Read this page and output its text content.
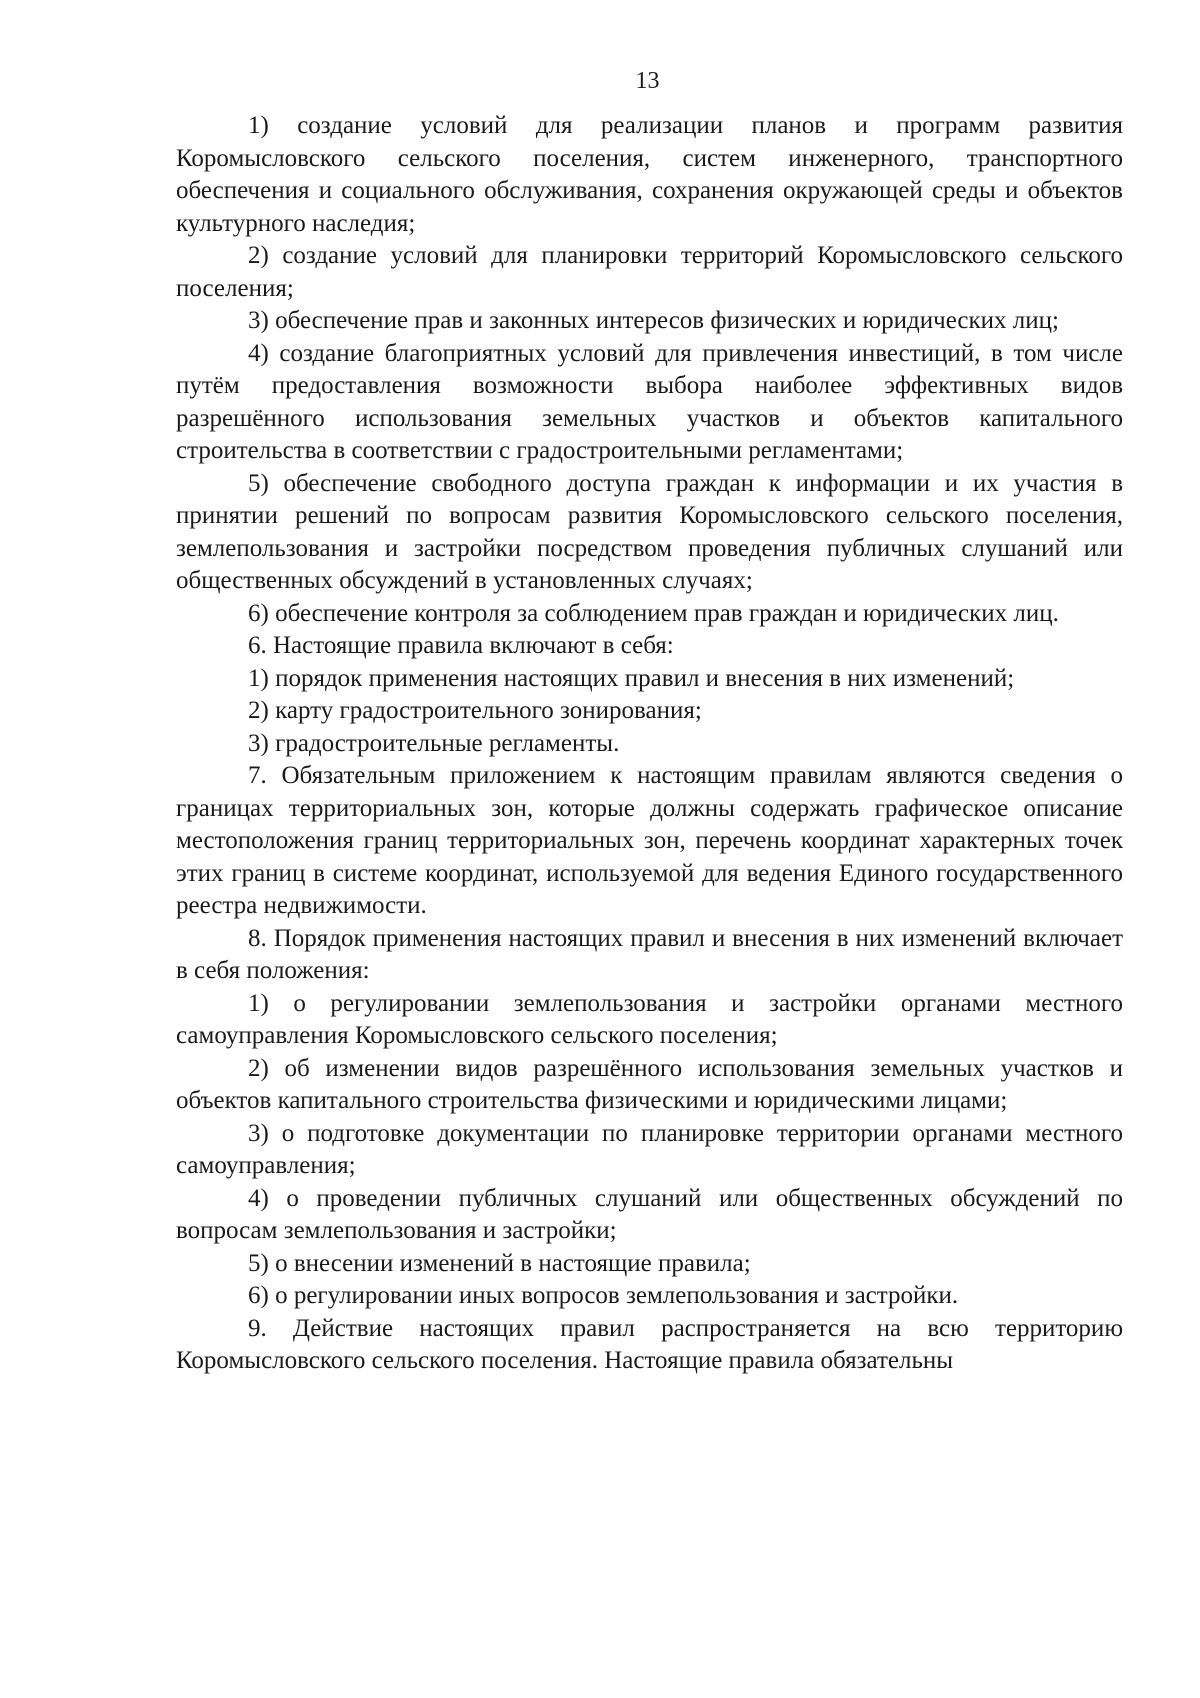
13

1) создание условий для реализации планов и программ развития Коромысловского сельского поселения, систем инженерного, транспортного обеспечения и социального обслуживания, сохранения окружающей среды и объектов культурного наследия;

2) создание условий для планировки территорий Коромысловского сельского поселения;

3) обеспечение прав и законных интересов физических и юридических лиц;

4) создание благоприятных условий для привлечения инвестиций, в том числе путём предоставления возможности выбора наиболее эффективных видов разрешённого использования земельных участков и объектов капитального строительства в соответствии с градостроительными регламентами;

5) обеспечение свободного доступа граждан к информации и их участия в принятии решений по вопросам развития Коромысловского сельского поселения, землепользования и застройки посредством проведения публичных слушаний или общественных обсуждений в установленных случаях;

6) обеспечение контроля за соблюдением прав граждан и юридических лиц.

6. Настоящие правила включают в себя:

1) порядок применения настоящих правил и внесения в них изменений;

2) карту градостроительного зонирования;

3) градостроительные регламенты.

7. Обязательным приложением к настоящим правилам являются сведения о границах территориальных зон, которые должны содержать графическое описание местоположения границ территориальных зон, перечень координат характерных точек этих границ в системе координат, используемой для ведения Единого государственного реестра недвижимости.

8. Порядок применения настоящих правил и внесения в них изменений включает в себя положения:

1) о регулировании землепользования и застройки органами местного самоуправления Коромысловского сельского поселения;

2) об изменении видов разрешённого использования земельных участков и объектов капитального строительства физическими и юридическими лицами;

3) о подготовке документации по планировке территории органами местного самоуправления;

4) о проведении публичных слушаний или общественных обсуждений по вопросам землепользования и застройки;

5) о внесении изменений в настоящие правила;

6) о регулировании иных вопросов землепользования и застройки.

9. Действие настоящих правил распространяется на всю территорию Коромысловского сельского поселения. Настоящие правила обязательны
